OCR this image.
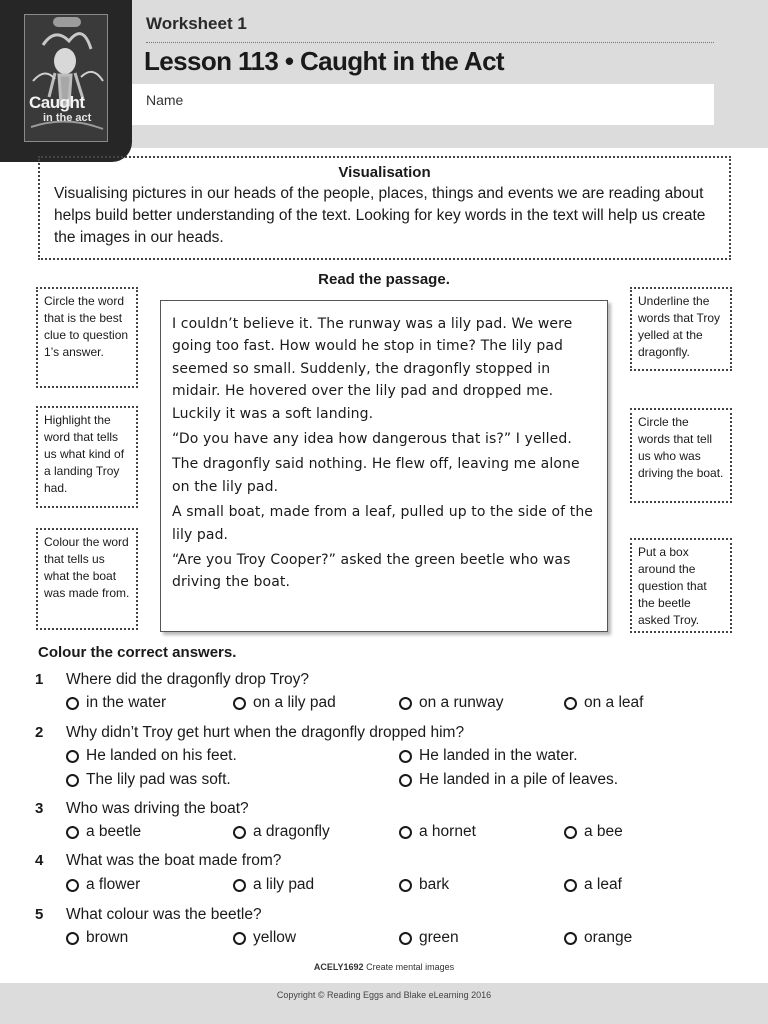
Caught
in the act
Worksheet 1
Lesson 113 • Caught in the Act
Name
Visualisation
Visualising pictures in our heads of the people, places, things and events we are reading about helps build better understanding of the text. Looking for key words in the text will help us create the images in our heads.
Read the passage.
Circle the word that is the best clue to question 1’s answer.
Highlight the word that tells us what kind of a landing Troy had.
Colour the word that tells us what the boat was made from.
Underline the words that Troy yelled at the dragonfly.
Circle the words that tell us who was driving the boat.
Put a box around the question that the beetle asked Troy.

I couldn’t believe it. The runway was a lily pad. We were going too fast. How would he stop in time? The lily pad seemed so small. Suddenly, the dragonfly stopped in midair. He hovered over the lily pad and dropped me. Luckily it was a soft landing.

“Do you have any idea how dangerous that is?” I yelled.

The dragonfly said nothing. He flew off, leaving me alone on the lily pad.

A small boat, made from a leaf, pulled up to the side of the lily pad.

“Are you Troy Cooper?” asked the green beetle who was driving the boat.

Colour the correct answers.
1 Where did the dragonfly drop Troy?
in the water	on a lily pad	on a runway	on a leaf
2 Why didn’t Troy get hurt when the dragonfly dropped him?
He landed on his feet.	He landed in the water.
The lily pad was soft.	He landed in a pile of leaves.
3 Who was driving the boat?
a beetle	a dragonfly	a hornet	a bee
4 What was the boat made from?
a flower	a lily pad	bark	a leaf
5 What colour was the beetle?
brown	yellow	green	orange
ACELY1692 Create mental images
Copyright © Reading Eggs and Blake eLearning 2016
